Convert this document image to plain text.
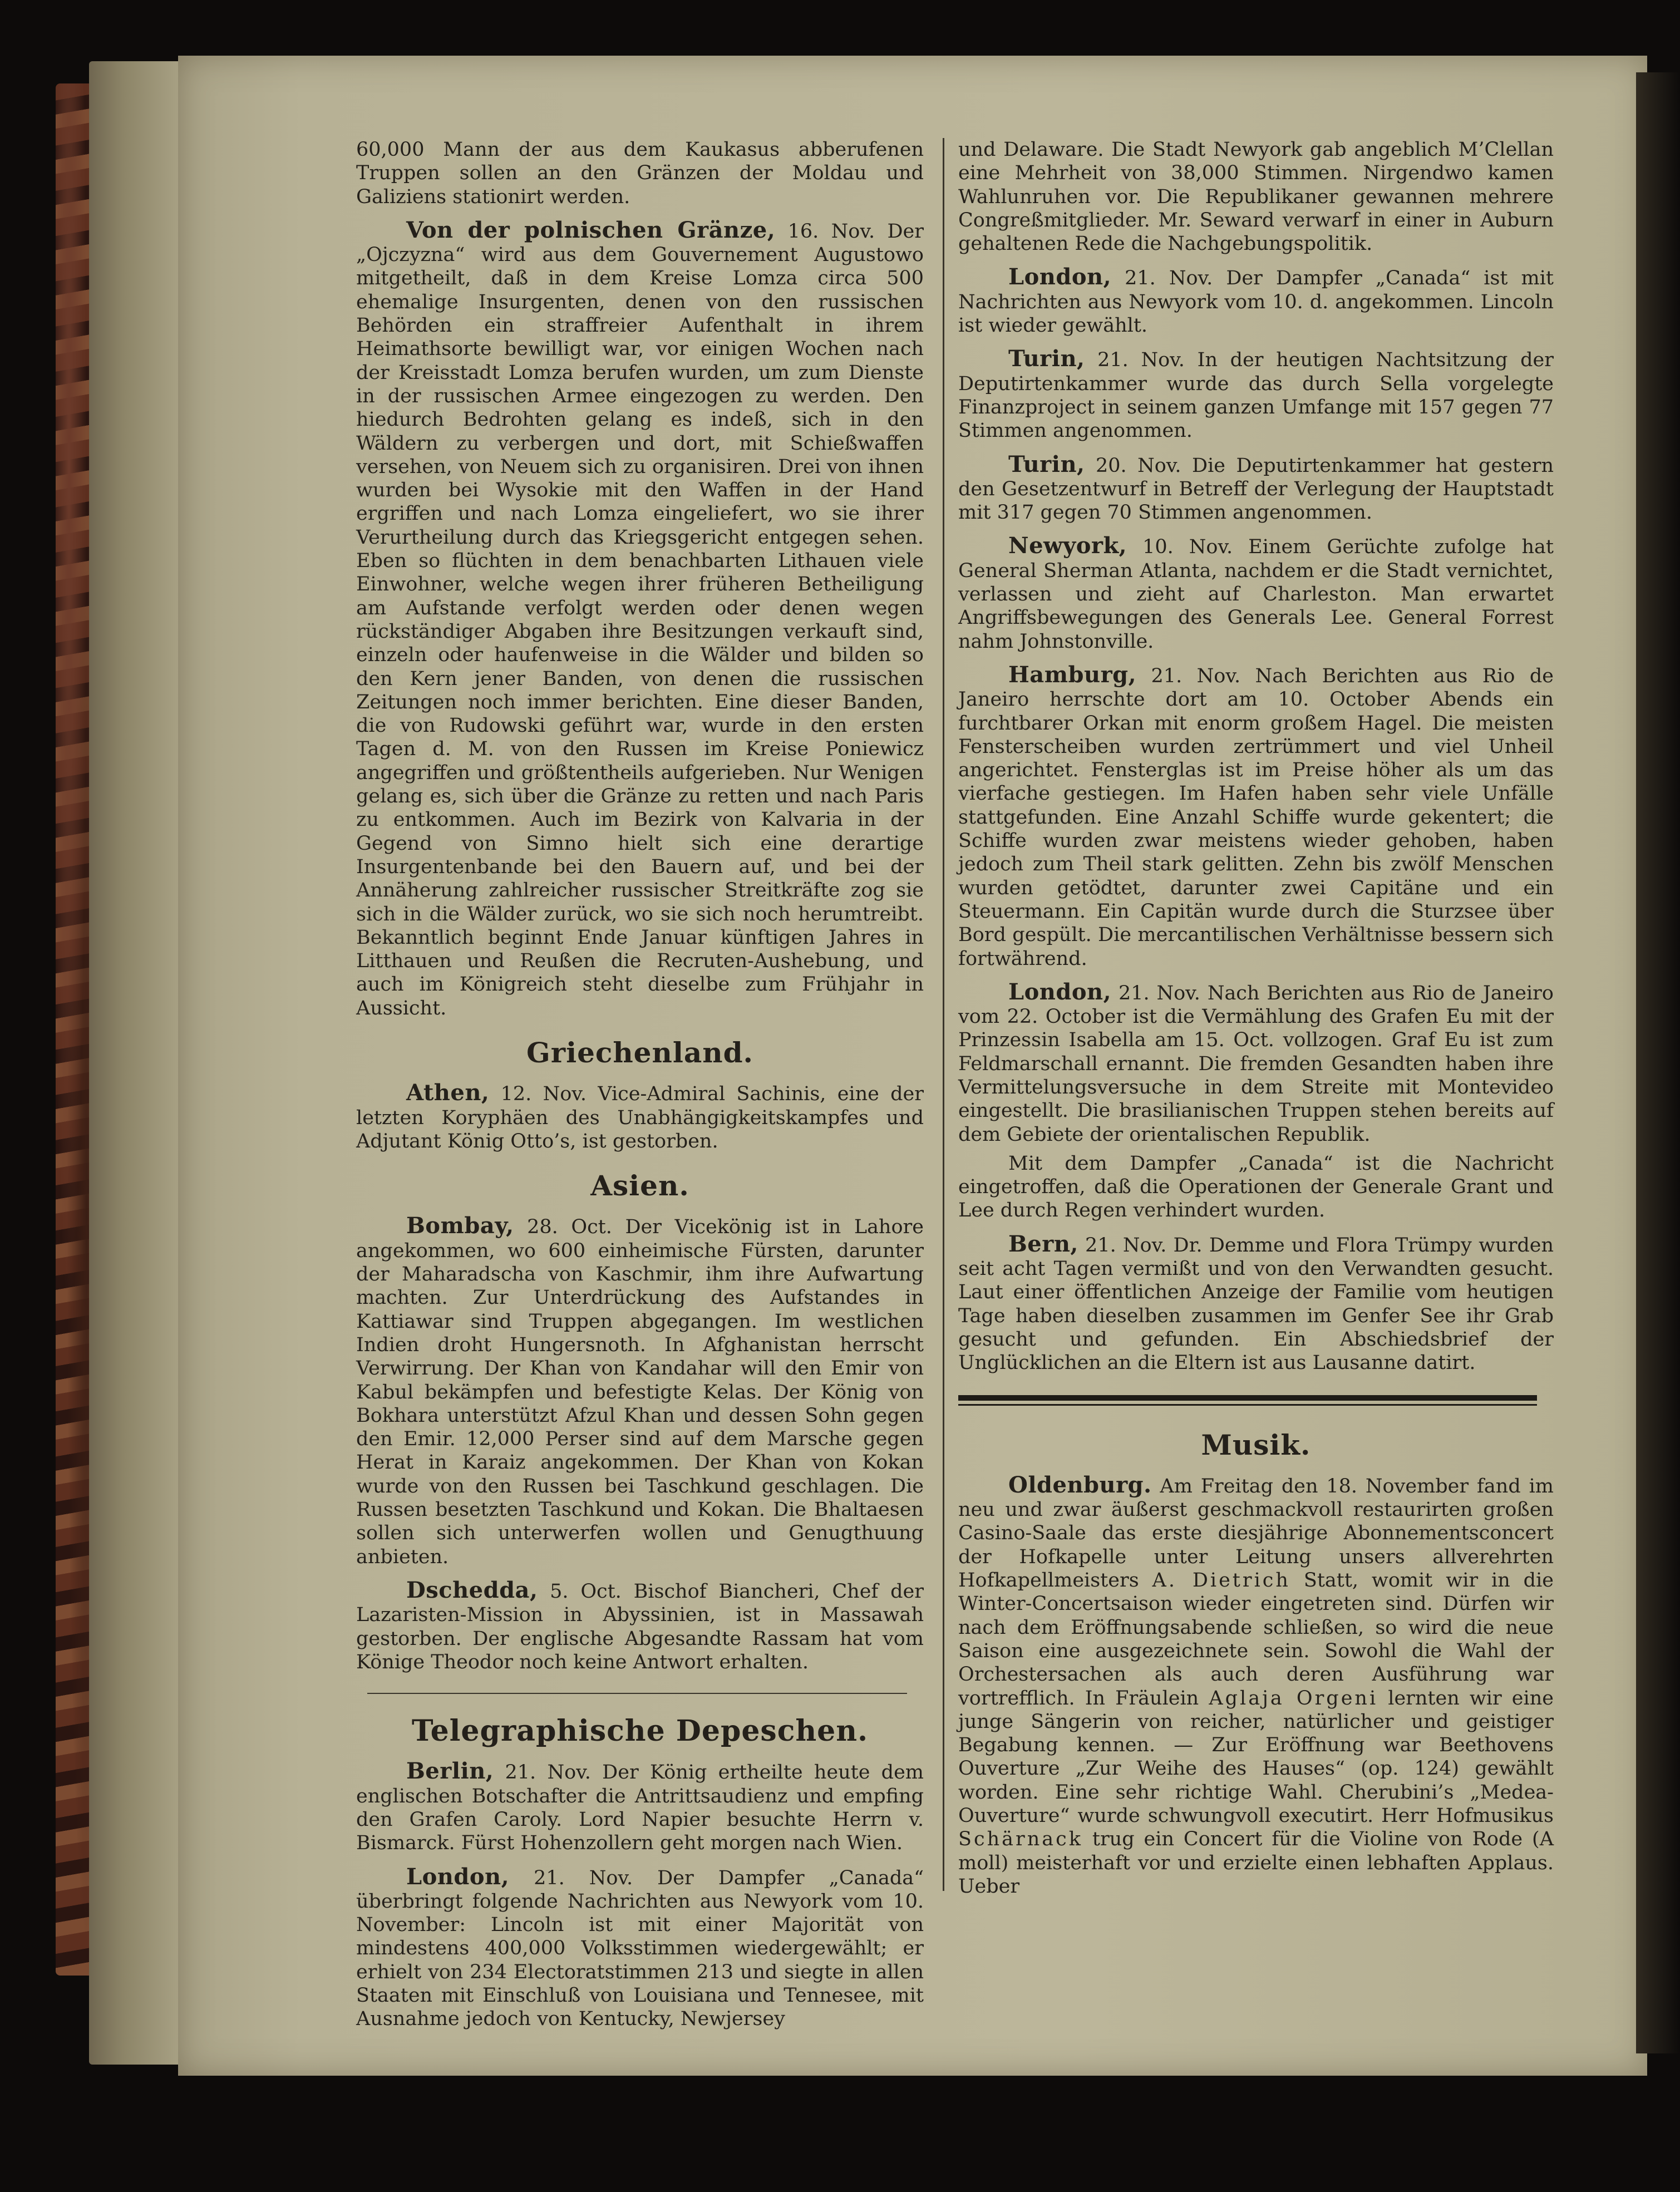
60,000 Mann der aus dem Kaukasus abberufenen Truppen sollen an den Gränzen der Moldau und Galiziens stationirt werden.

Von der polnischen Gränze, 16. Nov. Der „Ojczyzna“ wird aus dem Gouvernement Augustowo mitgetheilt, daß in dem Kreise Lomza circa 500 ehemalige Insurgenten, denen von den russischen Behörden ein straffreier Aufenthalt in ihrem Heimathsorte bewilligt war, vor einigen Wochen nach der Kreisstadt Lomza berufen wurden, um zum Dienste in der russischen Armee eingezogen zu werden. Den hiedurch Bedrohten gelang es indeß, sich in den Wäldern zu verbergen und dort, mit Schießwaffen versehen, von Neuem sich zu organisiren. Drei von ihnen wurden bei Wysokie mit den Waffen in der Hand ergriffen und nach Lomza eingeliefert, wo sie ihrer Verurtheilung durch das Kriegsgericht entgegen sehen. Eben so flüchten in dem benachbarten Lithauen viele Einwohner, welche wegen ihrer früheren Betheiligung am Aufstande verfolgt werden oder denen wegen rückständiger Abgaben ihre Besitzungen verkauft sind, einzeln oder haufenweise in die Wälder und bilden so den Kern jener Banden, von denen die russischen Zeitungen noch immer berichten. Eine dieser Banden, die von Rudowski geführt war, wurde in den ersten Tagen d. M. von den Russen im Kreise Poniewicz angegriffen und größtentheils aufgerieben. Nur Wenigen gelang es, sich über die Gränze zu retten und nach Paris zu entkommen. Auch im Bezirk von Kalvaria in der Gegend von Simno hielt sich eine derartige Insurgentenbande bei den Bauern auf, und bei der Annäherung zahlreicher russischer Streitkräfte zog sie sich in die Wälder zurück, wo sie sich noch herumtreibt. Bekanntlich beginnt Ende Januar künftigen Jahres in Litthauen und Reußen die Recruten-Aushebung, und auch im Königreich steht dieselbe zum Frühjahr in Aussicht.

Griechenland.

Athen, 12. Nov. Vice-Admiral Sachinis, eine der letzten Koryphäen des Unabhängigkeitskampfes und Adjutant König Otto’s, ist gestorben.

Asien.

Bombay, 28. Oct. Der Vicekönig ist in Lahore angekommen, wo 600 einheimische Fürsten, darunter der Maharadscha von Kaschmir, ihm ihre Aufwartung machten. Zur Unterdrückung des Aufstandes in Kattiawar sind Truppen abgegangen. Im westlichen Indien droht Hungersnoth. In Afghanistan herrscht Verwirrung. Der Khan von Kandahar will den Emir von Kabul bekämpfen und befestigte Kelas. Der König von Bokhara unterstützt Afzul Khan und dessen Sohn gegen den Emir. 12,000 Perser sind auf dem Marsche gegen Herat in Karaiz angekommen. Der Khan von Kokan wurde von den Russen bei Taschkund geschlagen. Die Russen besetzten Taschkund und Kokan. Die Bhaltaesen sollen sich unterwerfen wollen und Genugthuung anbieten.

Dschedda, 5. Oct. Bischof Biancheri, Chef der Lazaristen-Mission in Abyssinien, ist in Massawah gestorben. Der englische Abgesandte Rassam hat vom Könige Theodor noch keine Antwort erhalten.

Telegraphische Depeschen.

Berlin, 21. Nov. Der König ertheilte heute dem englischen Botschafter die Antrittsaudienz und empfing den Grafen Caroly. Lord Napier besuchte Herrn v. Bismarck. Fürst Hohenzollern geht morgen nach Wien.

London, 21. Nov. Der Dampfer „Canada“ überbringt folgende Nachrichten aus Newyork vom 10. November: Lincoln ist mit einer Majorität von mindestens 400,000 Volksstimmen wiedergewählt; er erhielt von 234 Electoratstimmen 213 und siegte in allen Staaten mit Einschluß von Louisiana und Tennesee, mit Ausnahme jedoch von Kentucky, Newjersey

und Delaware. Die Stadt Newyork gab angeblich M’Clellan eine Mehrheit von 38,000 Stimmen. Nirgendwo kamen Wahlunruhen vor. Die Republikaner gewannen mehrere Congreßmitglieder. Mr. Seward verwarf in einer in Auburn gehaltenen Rede die Nachgebungspolitik.

London, 21. Nov. Der Dampfer „Canada“ ist mit Nachrichten aus Newyork vom 10. d. angekommen. Lincoln ist wieder gewählt.

Turin, 21. Nov. In der heutigen Nachtsitzung der Deputirtenkammer wurde das durch Sella vorgelegte Finanzproject in seinem ganzen Umfange mit 157 gegen 77 Stimmen angenommen.

Turin, 20. Nov. Die Deputirtenkammer hat gestern den Gesetzentwurf in Betreff der Verlegung der Hauptstadt mit 317 gegen 70 Stimmen angenommen.

Newyork, 10. Nov. Einem Gerüchte zufolge hat General Sherman Atlanta, nachdem er die Stadt vernichtet, verlassen und zieht auf Charleston. Man erwartet Angriffsbewegungen des Generals Lee. General Forrest nahm Johnstonville.

Hamburg, 21. Nov. Nach Berichten aus Rio de Janeiro herrschte dort am 10. October Abends ein furchtbarer Orkan mit enorm großem Hagel. Die meisten Fensterscheiben wurden zertrümmert und viel Unheil angerichtet. Fensterglas ist im Preise höher als um das vierfache gestiegen. Im Hafen haben sehr viele Unfälle stattgefunden. Eine Anzahl Schiffe wurde gekentert; die Schiffe wurden zwar meistens wieder gehoben, haben jedoch zum Theil stark gelitten. Zehn bis zwölf Menschen wurden getödtet, darunter zwei Capitäne und ein Steuermann. Ein Capitän wurde durch die Sturzsee über Bord gespült. Die mercantilischen Verhältnisse bessern sich fortwährend.

London, 21. Nov. Nach Berichten aus Rio de Janeiro vom 22. October ist die Vermählung des Grafen Eu mit der Prinzessin Isabella am 15. Oct. vollzogen. Graf Eu ist zum Feldmarschall ernannt. Die fremden Gesandten haben ihre Vermittelungsversuche in dem Streite mit Montevideo eingestellt. Die brasilianischen Truppen stehen bereits auf dem Gebiete der orientalischen Republik.

Mit dem Dampfer „Canada“ ist die Nachricht eingetroffen, daß die Operationen der Generale Grant und Lee durch Regen verhindert wurden.

Bern, 21. Nov. Dr. Demme und Flora Trümpy wurden seit acht Tagen vermißt und von den Verwandten gesucht. Laut einer öffentlichen Anzeige der Familie vom heutigen Tage haben dieselben zusammen im Genfer See ihr Grab gesucht und gefunden. Ein Abschiedsbrief der Unglücklichen an die Eltern ist aus Lausanne datirt.

Musik.

Oldenburg. Am Freitag den 18. November fand im neu und zwar äußerst geschmackvoll restaurirten großen Casino-Saale das erste diesjährige Abonnementsconcert der Hofkapelle unter Leitung unsers allverehrten Hofkapellmeisters A. Dietrich Statt, womit wir in die Winter-Concertsaison wieder eingetreten sind. Dürfen wir nach dem Eröffnungsabende schließen, so wird die neue Saison eine ausgezeichnete sein. Sowohl die Wahl der Orchestersachen als auch deren Ausführung war vortrefflich. In Fräulein Aglaja Orgeni lernten wir eine junge Sängerin von reicher, natürlicher und geistiger Begabung kennen. — Zur Eröffnung war Beethovens Ouverture „Zur Weihe des Hauses“ (op. 124) gewählt worden. Eine sehr richtige Wahl. Cherubini’s „Medea-Ouverture“ wurde schwungvoll executirt. Herr Hofmusikus Schärnack trug ein Concert für die Violine von Rode (A moll) meisterhaft vor und erzielte einen lebhaften Applaus. Ueber
